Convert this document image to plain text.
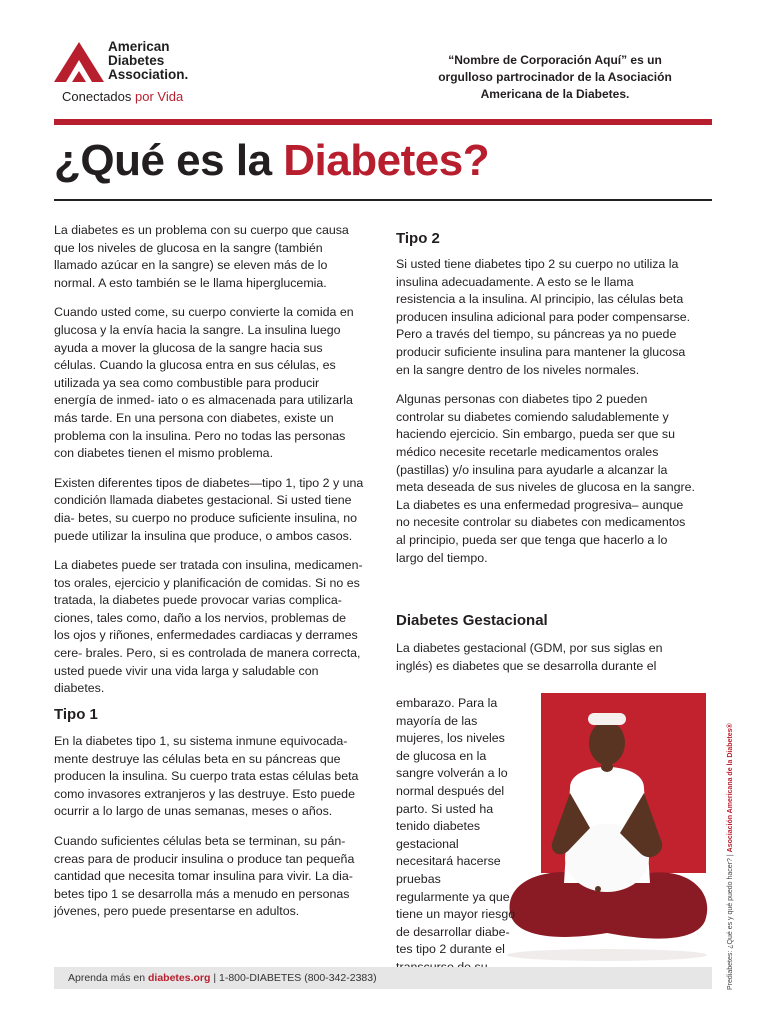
American
Diabetes
Association.
Conectados por Vida
“Nombre de Corporación Aquí” es un orgulloso partrocinador de la Asociación Americana de la Diabetes.
¿Qué es la Diabetes?

La diabetes es un problema con su cuerpo que causa que los niveles de glucosa en la sangre (también llamado azúcar en la sangre) se eleven más de lo normal. A esto también se le llama hiperglucemia.

Cuando usted come, su cuerpo convierte la comida en glucosa y la envía hacia la sangre. La insulina luego ayuda a mover la glucosa de la sangre hacia sus células. Cuando la glucosa entra en sus células, es utilizada ya sea como combustible para producir energía de inmed- iato o es almacenada para utilizarla más tarde. En una persona con diabetes, existe un problema con la insulina. Pero no todas las personas con diabetes tienen el mismo problema.

Existen diferentes tipos de diabetes—tipo 1, tipo 2 y una condición llamada diabetes gestacional. Si usted tiene dia- betes, su cuerpo no produce suficiente insulina, no puede utilizar la insulina que produce, o ambos casos.

La diabetes puede ser tratada con insulina, medicamen- tos orales, ejercicio y planificación de comidas. Si no es tratada, la diabetes puede provocar varias complica- ciones, tales como, daño a los nervios, problemas de los ojos y riñones, enfermedades cardiacas y derrames cere- brales. Pero, si es controlada de manera correcta, usted puede vivir una vida larga y saludable con diabetes.

Tipo 1

En la diabetes tipo 1, su sistema inmune equivocada- mente destruye las células beta en su páncreas que producen la insulina. Su cuerpo trata estas células beta como invasores extranjeros y las destruye. Esto puede ocurrir a lo largo de unas semanas, meses o años.

Cuando suficientes células beta se terminan, su pán- creas para de producir insulina o produce tan pequeña cantidad que necesita tomar insulina para vivir. La dia- betes tipo 1 se desarrolla más a menudo en personas jóvenes, pero puede presentarse en adultos.

Tipo 2

Si usted tiene diabetes tipo 2 su cuerpo no utiliza la insulina adecuadamente. A esto se le llama resistencia a la insulina. Al principio, las células beta producen insulina adicional para poder compensarse. Pero a través del tiempo, su páncreas ya no puede producir suficiente insulina para mantener la glucosa en la sangre dentro de los niveles normales.

Algunas personas con diabetes tipo 2 pueden controlar su diabetes comiendo saludablemente y haciendo ejercicio. Sin embargo, pueda ser que su médico necesite recetarle medicamentos orales (pastillas) y/o insulina para ayudarle a alcanzar la meta deseada de sus niveles de glucosa en la sangre. La diabetes es una enfermedad progresiva– aunque no necesite controlar su diabetes con medicamentos al principio, pueda ser que tenga que hacerlo a lo largo del tiempo.

Diabetes Gestacional
La diabetes gestacional (GDM, por sus siglas en inglés) es diabetes que se desarrolla durante el
embarazo. Para la mayoría de las mujeres, los niveles de glucosa en la sangre volverán a lo normal después del parto. Si usted ha tenido diabetes gestacional necesitará hacerse pruebas regularmente ya que tiene un mayor riesgo de desarrollar diabe- tes tipo 2 durante el	Prediabetes: ¿Qué es y qué puedo hacer? | Asociación Americana de la Diabetes®
Aprenda más en diabetes.org | 1-800-DIABETES (800-342-2383)
